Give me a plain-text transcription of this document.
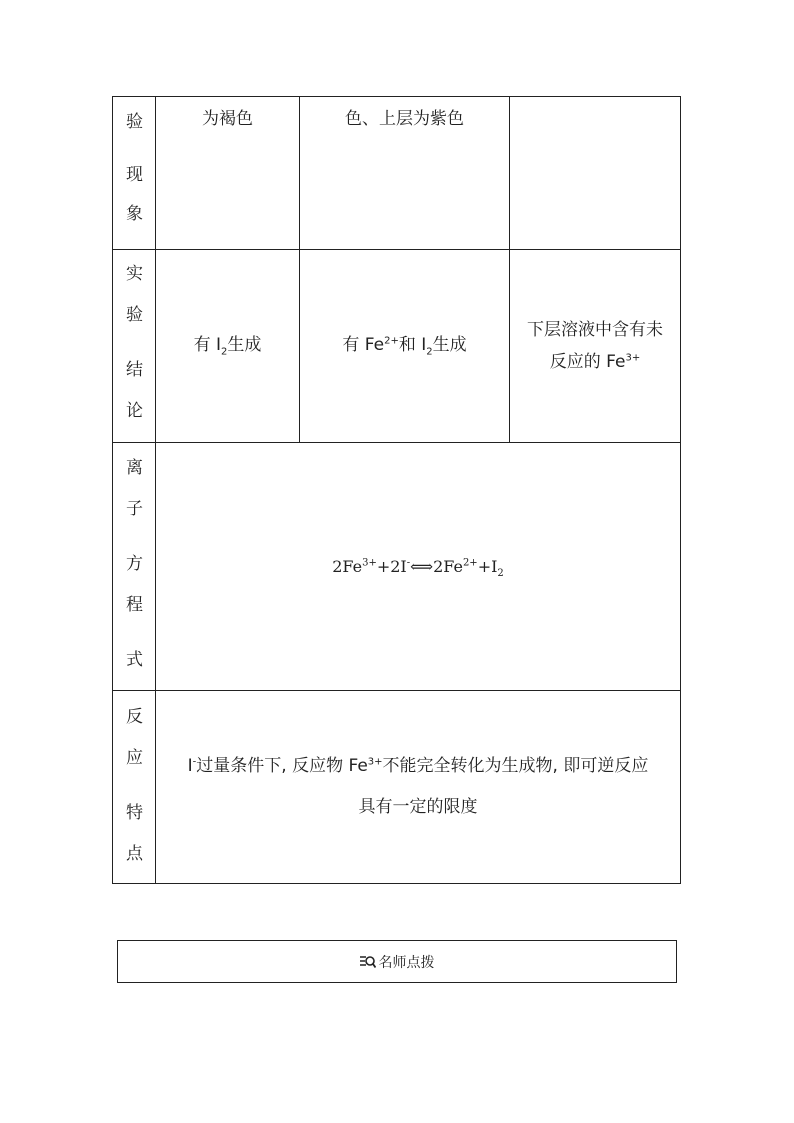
验
现
象
为褐色	色、上层为紫色
实
验
结
论
有 $I_2$生成	有 $Fe^{2+}$和 $I_2$生成
下层溶液中含有未
反应的 $Fe^{3+}$
离
子
方
程
式
$2Fe^{3+}+2I^-⟺2Fe^{2+}+I_2$
反
应
特
点
I-过量条件下, 反应物 $Fe^{3+}$不能完全转化为生成物, 即可逆反应
具有一定的限度
名师点拨
